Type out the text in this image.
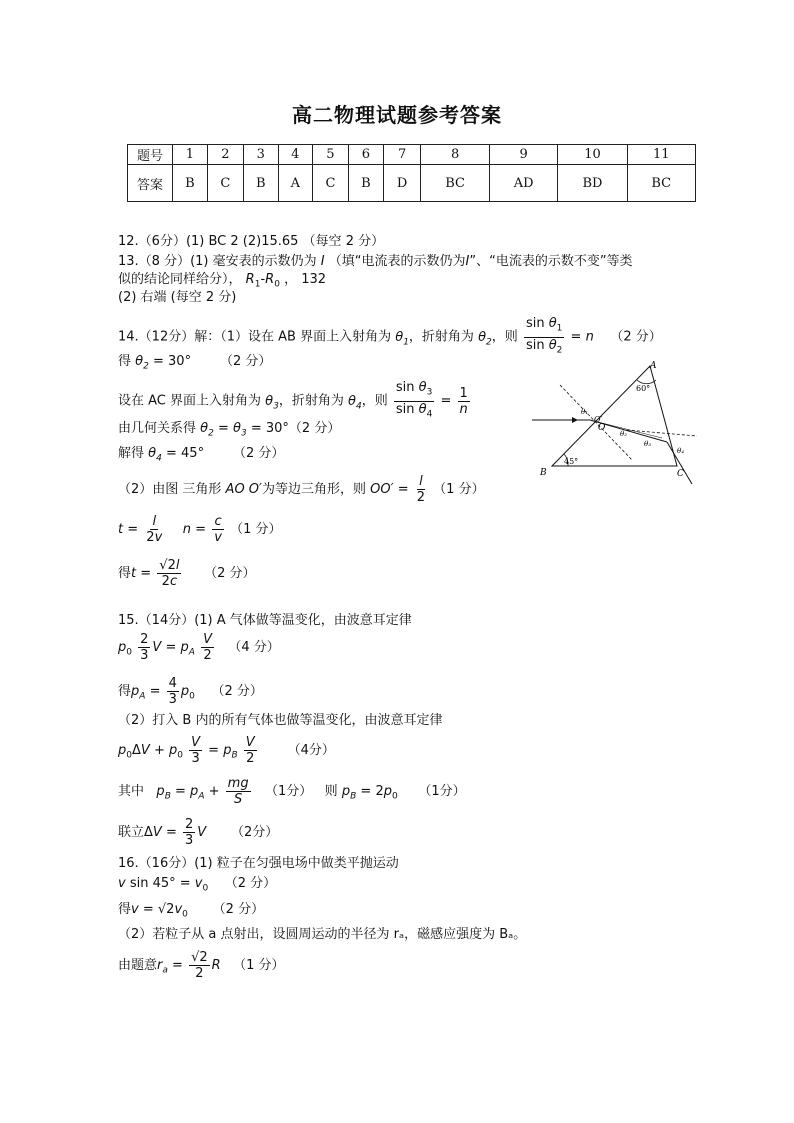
高二物理试题参考答案
题号	1	2	3	4	5	6	7	8	9	10	11
答案	B	C	B	A	C	B	D	BC	AD	BD	BC
12.（6分）(1) BC 2 (2)15.65 （每空 2 分）
13.（8 分）(1) 毫安表的示数仍为 I （填“电流表的示数仍为I”、“电流表的示数不变”等类
似的结论同样给分）， $R_1-R_0$ ， 132
(2) 右端 (每空 2 分)
14.（12分）解：（1）设在 AB 界面上入射角为 $\theta_1$，折射角为 $\theta_2$，则 $\frac{\sin \theta_1}{\sin \theta_2} = n$ （2 分）
得 $\theta_2 = 30^\circ$ （2 分）
设在 AC 界面上入射角为 $\theta_3$，折射角为 $\theta_4$，则 $\frac{\sin \theta_3}{\sin \theta_4} = \frac{1}{n}$
由几何关系得 $\theta_2 = \theta_3 = 30^\circ(2$ 分）
解得 $\theta_4 = 45^\circ$ （2 分）
（2）由图 三角形 AO O′为等边三角形，则 $OO' = \frac{l}{2} (1$ 分）
$t = \frac{l}{2v}$ $n = \frac{c}{v} (1$ 分）
得$t = \frac{√2l}{2c} (2$ 分）
15.（14分）(1) A 气体做等温变化，由波意耳定律
$p_0 \frac{2}{3}$ $V = p_A \frac{V}{2} (4$ 分）
得$p_A = \frac{4}{3} p_0$ （2 分）
（2）打入 B 内的所有气体也做等温变化，由波意耳定律
$p_0\Delta V + p_0 \frac{V}{3} = p_B \frac{V}{2} (4$分）
其中 $p_B = p_A + \frac{mg}{S} (1$分） 则 $p_B = 2p_0$ （1分）
联立$\Delta V = \frac{2}{3}$ V （2分）
16.（16分）(1) 粒子在匀强电场中做类平抛运动
v $\sin 45^\circ = v_0$ （2 分）
得$v = √2v_0$ （2 分）
（2）若粒子从 a 点射出，设圆周运动的半径为 rₐ，磁感应强度为 Bₐ。
由题意$r_a = \frac{√2}{2}$ R （1 分）
A
B	C
O
O′
60°
45°
θ₁
θ₂
θ₃
θ₄
